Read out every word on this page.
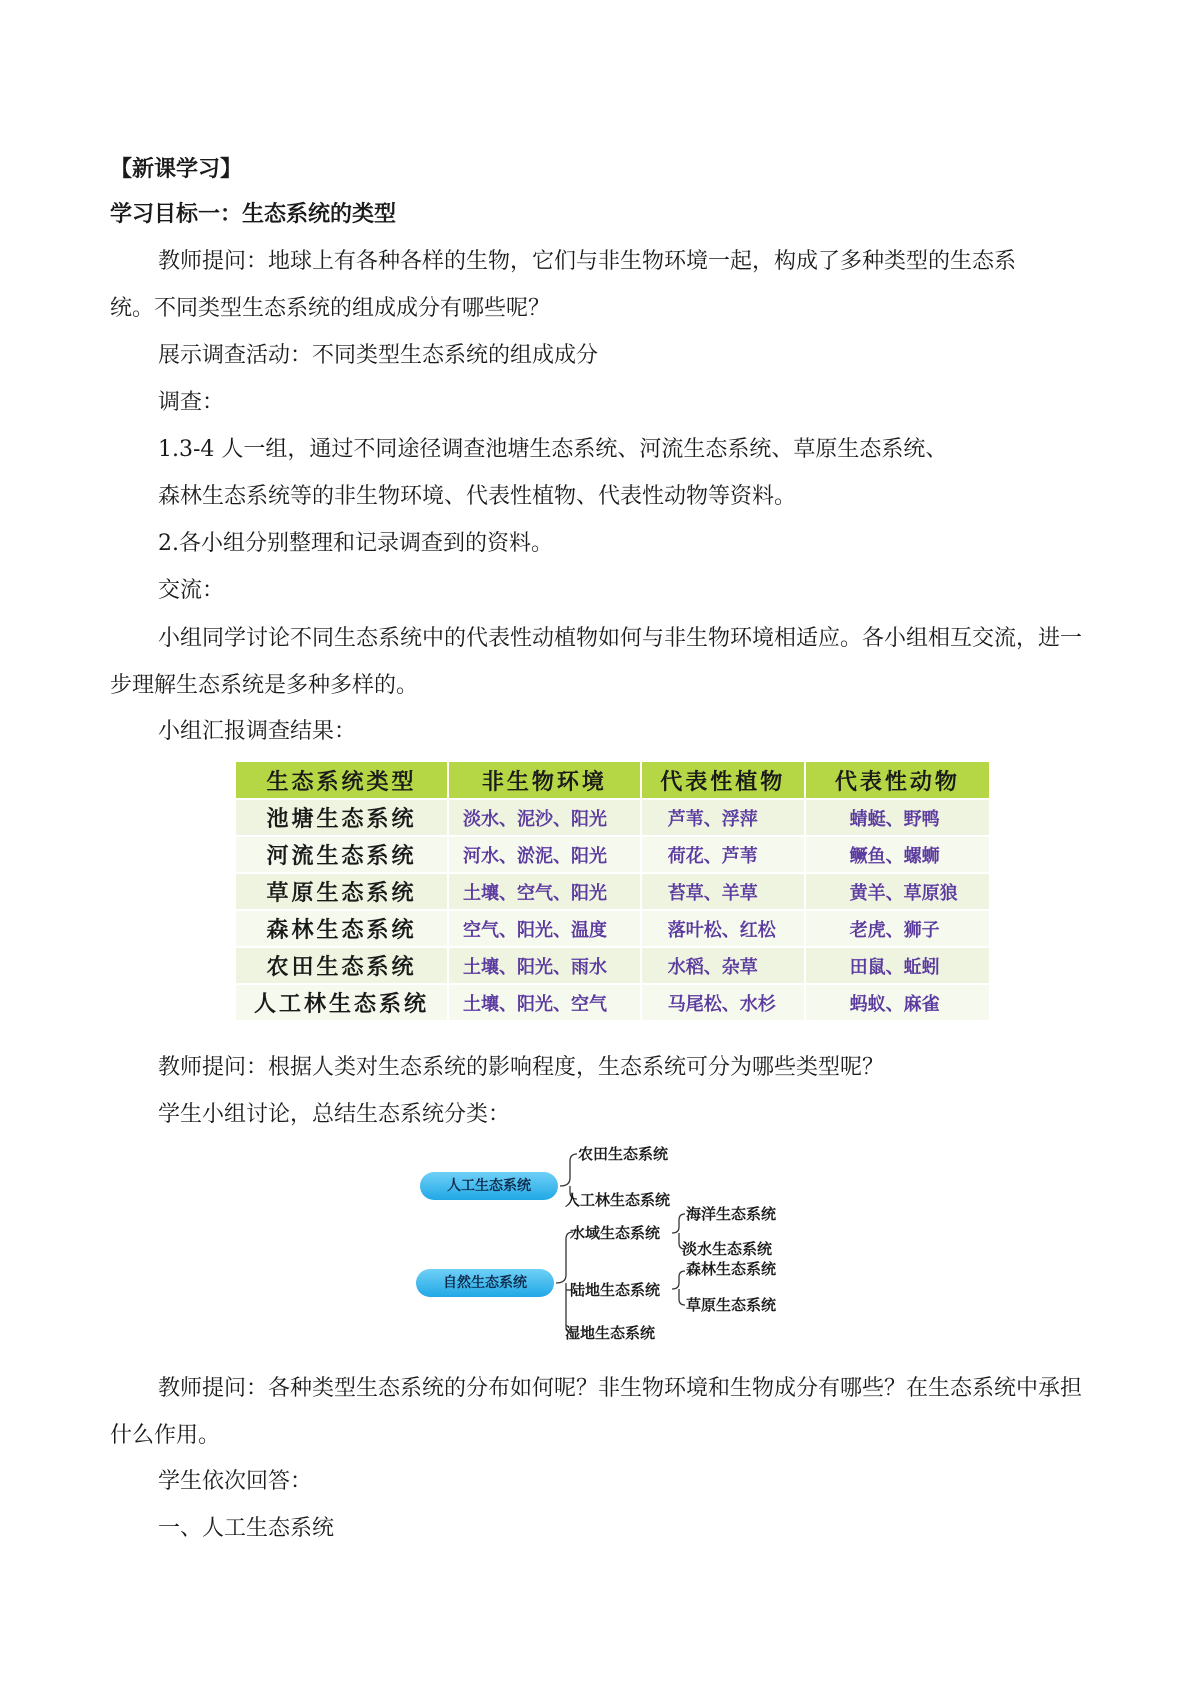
【新课学习】
学习目标一：生态系统的类型
教师提问：地球上有各种各样的生物，它们与非生物环境一起，构成了多种类型的生态系
统。不同类型生态系统的组成成分有哪些呢？
展示调查活动：不同类型生态系统的组成成分
调查：
1.3-4 人一组，通过不同途径调查池塘生态系统、河流生态系统、草原生态系统、
森林生态系统等的非生物环境、代表性植物、代表性动物等资料。
2.各小组分别整理和记录调查到的资料。
交流：
小组同学讨论不同生态系统中的代表性动植物如何与非生物环境相适应。各小组相互交流，进一步理解生态系统是多种多样的。
小组汇报调查结果：
生态系统类型	非生物环境	代表性植物	代表性动物
池塘生态系统	淡水、泥沙、阳光	芦苇、浮萍	蜻蜓、野鸭
河流生态系统	河水、淤泥、阳光	荷花、芦苇	鳜鱼、螺蛳
草原生态系统	土壤、空气、阳光	苔草、羊草	黄羊、草原狼
森林生态系统	空气、阳光、温度	落叶松、红松	老虎、狮子
农田生态系统	土壤、阳光、雨水	水稻、杂草	田鼠、蚯蚓
人工林生态系统	土壤、阳光、空气	马尾松、水杉	蚂蚁、麻雀
教师提问：根据人类对生态系统的影响程度，生态系统可分为哪些类型呢？
学生小组讨论，总结生态系统分类：
人工生态系统
农田生态系统
人工林生态系统
自然生态系统
水域生态系统
海洋生态系统
淡水生态系统
陆地生态系统
森林生态系统
草原生态系统
湿地生态系统
教师提问：各种类型生态系统的分布如何呢？非生物环境和生物成分有哪些？在生态系统中承担什么作用。
学生依次回答：
一、人工生态系统
